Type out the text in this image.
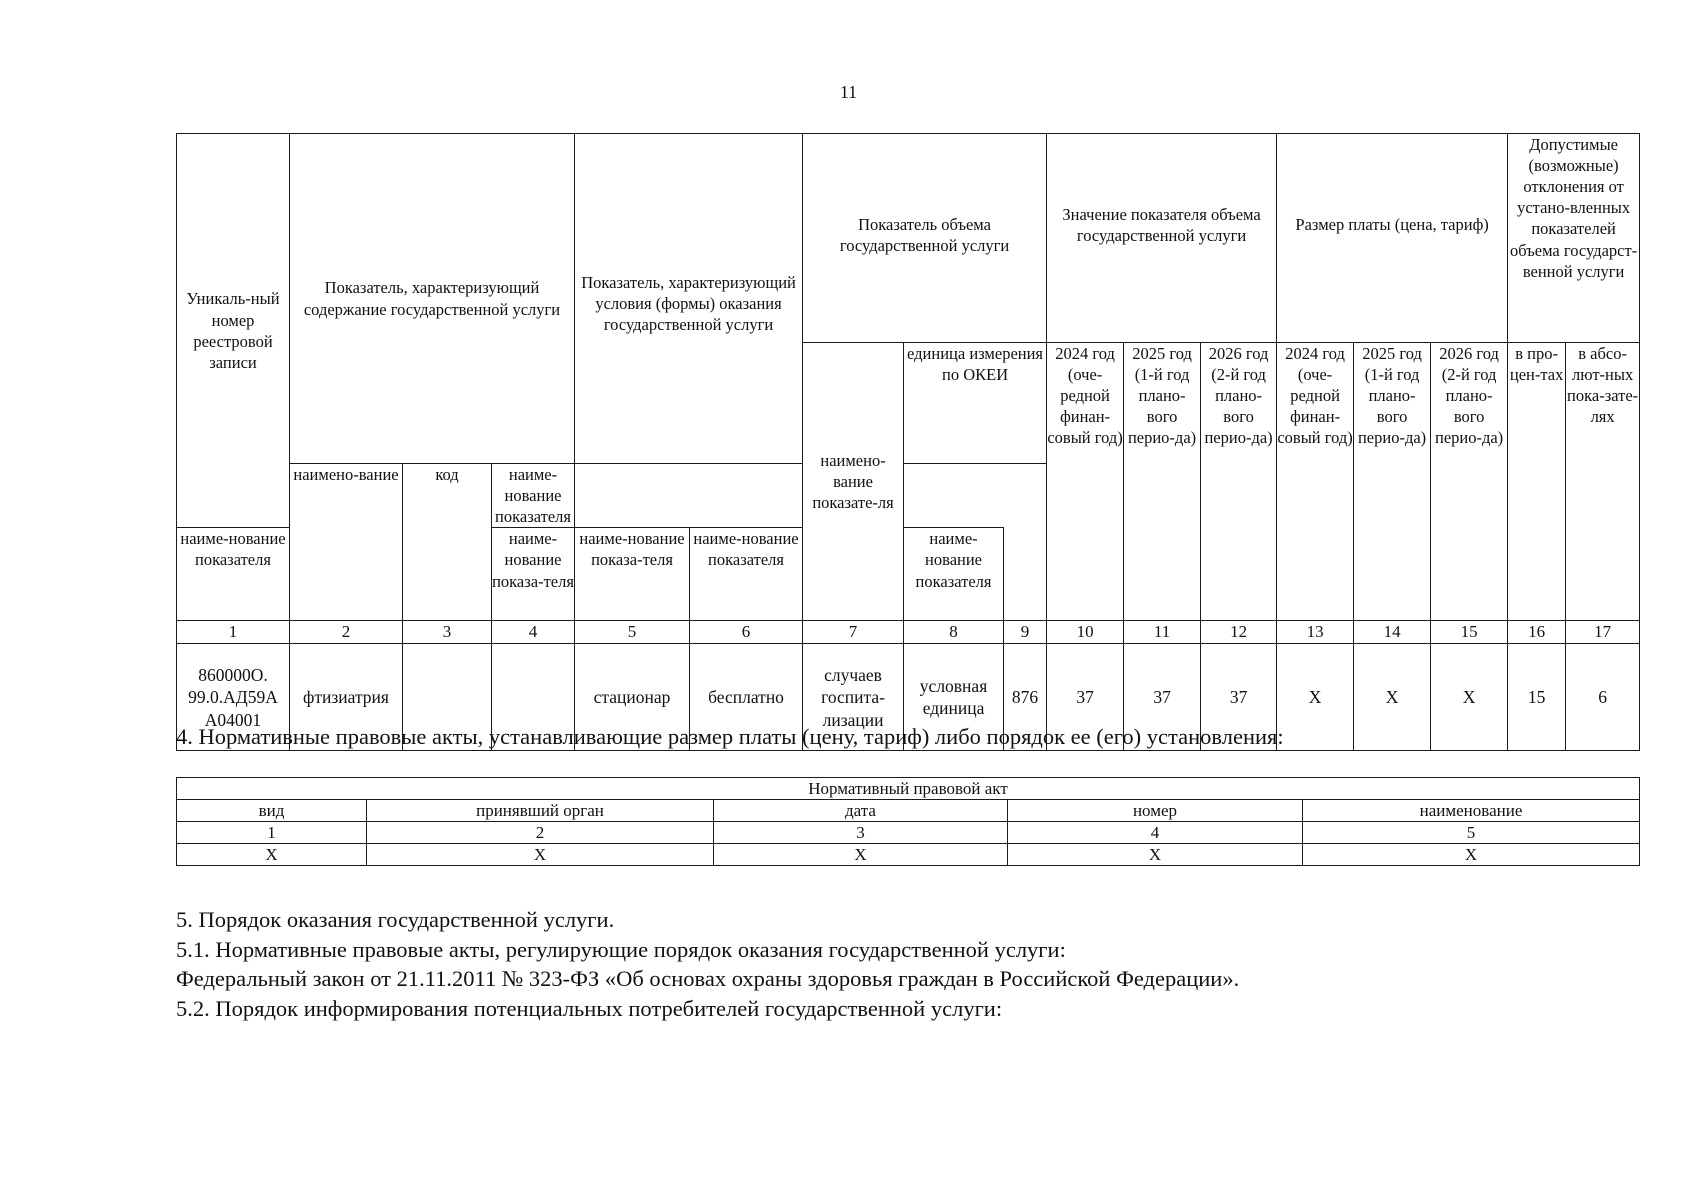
11
Уникаль-ный номер реестровой записи	Показатель, характеризующий содержание государственной услуги			Показатель, характеризующий условия (формы) оказания государственной услуги		Показатель объема государственной услуги			Значение показателя объема государственной услуги			Размер платы (цена, тариф)			Допустимые (возможные) отклонения от устано-вленных показателей объема государст-венной услуги	
						наимено-вание показате-ля	единица измерения по ОКЕИ		2024 год (оче-редной финан-совый год)	2025 год (1-й год плано-вого перио-да)	2026 год (2-й год плано-вого перио-да)	2024 год (оче-редной финан-совый год)	2025 год (1-й год плано-вого перио-да)	2026 год (2-й год плано-вого перио-да)	в про-цен-тах	в абсо-лют-ных пока-зате-лях
	наимено-вание	код	наиме-нование показателя													
наиме-нование показателя			наиме-нование показа-теля	наиме-нование показа-теля	наиме-нование показателя		наиме-нование показателя									
1	2	3	4	5	6	7	8	9	10	11	12	13	14	15	16	17
860000О. 99.0.АД59А А04001	фтизиатрия			стационар	бесплатно	случаев госпита-лизации	условная единица	876	37	37	37	Х	Х	Х	15	6
4. Нормативные правовые акты, устанавливающие размер платы (цену, тариф) либо порядок ее (его) установления:
Нормативный правовой акт				
вид	принявший орган	дата	номер	наименование
1	2	3	4	5
Х	Х	Х	Х	Х
5. Порядок оказания государственной услуги.
5.1. Нормативные правовые акты, регулирующие порядок оказания государственной услуги:
Федеральный закон от 21.11.2011 № 323-ФЗ «Об основах охраны здоровья граждан в Российской Федерации».
5.2. Порядок информирования потенциальных потребителей государственной услуги:
